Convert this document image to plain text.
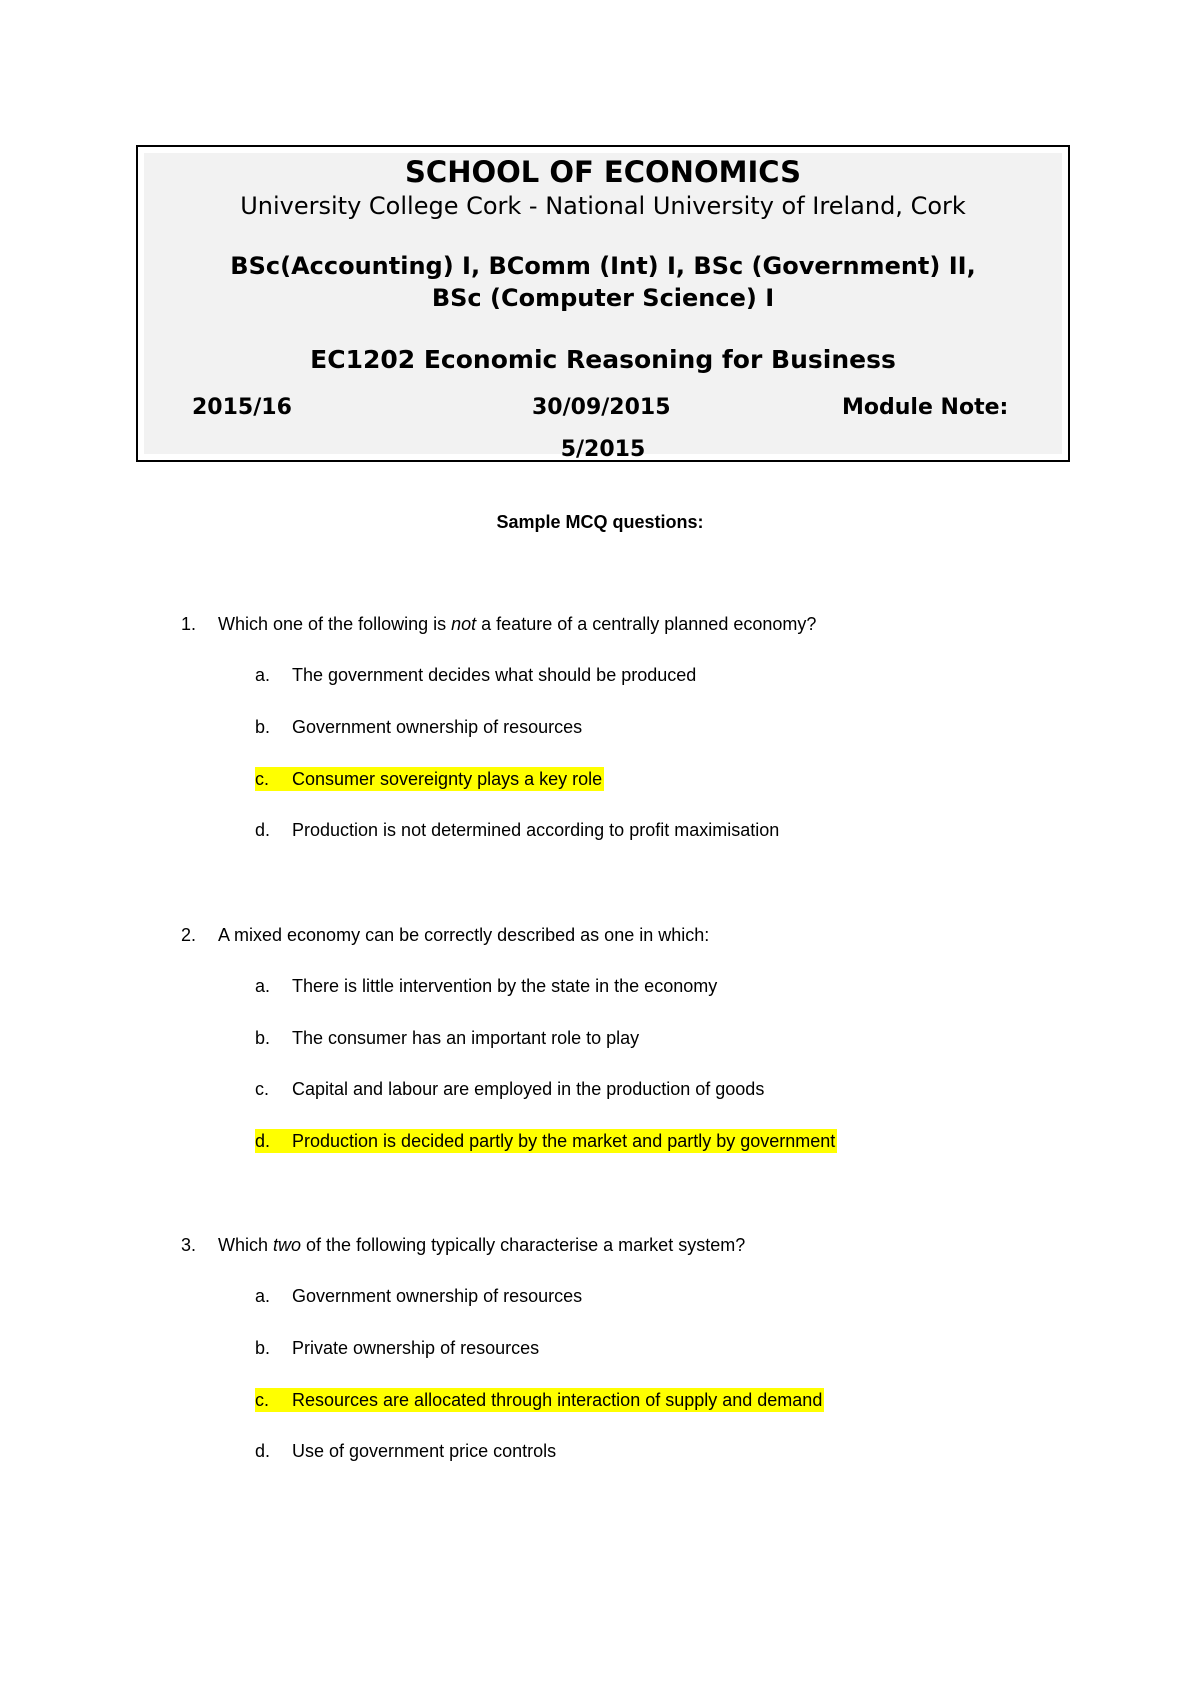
SCHOOL OF ECONOMICS
University College Cork - National University of Ireland, Cork
BSc(Accounting) I, BComm (Int) I, BSc (Government) II,
BSc (Computer Science) I
EC1202 Economic Reasoning for Business
2015/16	30/09/2015	Module Note:
5/2015
Sample MCQ questions:
1. Which one of the following is not a feature of a centrally planned economy?
a. The government decides what should be produced
b. Government ownership of resources
c. Consumer sovereignty plays a key role
d. Production is not determined according to profit maximisation
2. A mixed economy can be correctly described as one in which:
a. There is little intervention by the state in the economy
b. The consumer has an important role to play
c. Capital and labour are employed in the production of goods
d. Production is decided partly by the market and partly by government
3. Which two of the following typically characterise a market system?
a. Government ownership of resources
b. Private ownership of resources
c. Resources are allocated through interaction of supply and demand
d. Use of government price controls
